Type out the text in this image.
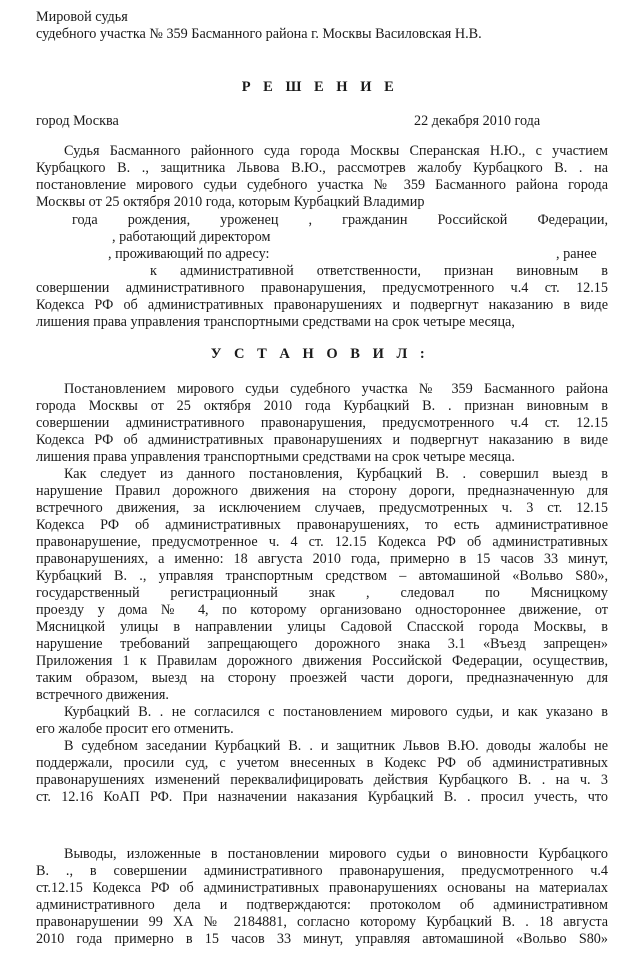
Мировой судья

судебного участка № 359 Басманного района г. Москвы Василовская Н.В.

Р Е Ш Е Н И Е

город Москва	22 декабря 2010 года

Судья Басманного районного суда города Москвы Сперанская Н.Ю., с участием

Курбацкого В. ., защитника Львова В.Ю., рассмотрев жалобу Курбацкого В. . на

постановление мирового судьи судебного участка № 359 Басманного района города

Москвы от 25 октября 2010 года, которым Курбацкий Владимир

года рождения, уроженец , гражданин Российской Федерации,

, работающий директором

, проживающий по адресу:	, ранее

к административной ответственности, признан виновным в

совершении административного правонарушения, предусмотренного ч.4 ст. 12.15

Кодекса РФ об административных правонарушениях и подвергнут наказанию в виде

лишения права управления транспортными средствами на срок четыре месяца,

У С Т А Н О В И Л :

Постановлением мирового судьи судебного участка № 359 Басманного района

города Москвы от 25 октября 2010 года Курбацкий В. . признан виновным в

совершении административного правонарушения, предусмотренного ч.4 ст. 12.15

Кодекса РФ об административных правонарушениях и подвергнут наказанию в виде

лишения права управления транспортными средствами на срок четыре месяца.

Как следует из данного постановления, Курбацкий В. . совершил выезд в

нарушение Правил дорожного движения на сторону дороги, предназначенную для

встречного движения, за исключением случаев, предусмотренных ч. 3 ст. 12.15

Кодекса РФ об административных правонарушениях, то есть административное

правонарушение, предусмотренное ч. 4 ст. 12.15 Кодекса РФ об административных

правонарушениях, а именно: 18 августа 2010 года, примерно в 15 часов 33 минут,

Курбацкий В. ., управляя транспортным средством – автомашиной «Вольво S80»,

государственный регистрационный знак , следовал по Мясницкому

проезду у дома № 4, по которому организовано одностороннее движение, от

Мясницкой улицы в направлении улицы Садовой Спасской города Москвы, в

нарушение требований запрещающего дорожного знака 3.1 «Въезд запрещен»

Приложения 1 к Правилам дорожного движения Российской Федерации, осуществив,

таким образом, выезд на сторону проезжей части дороги, предназначенную для

встречного движения.

Курбацкий В. . не согласился с постановлением мирового судьи, и как указано в

его жалобе просит его отменить.

В судебном заседании Курбацкий В. . и защитник Львов В.Ю. доводы жалобы не

поддержали, просили суд, с учетом внесенных в Кодекс РФ об административных

правонарушениях изменений переквалифицировать действия Курбацкого В. . на ч. 3

ст. 12.16 КоАП РФ. При назначении наказания Курбацкий В. . просил учесть, что

Выводы, изложенные в постановлении мирового судьи о виновности Курбацкого

В. ., в совершении административного правонарушения, предусмотренного ч.4

ст.12.15 Кодекса РФ об административных правонарушениях основаны на материалах

административного дела и подтверждаются: протоколом об административном

правонарушении 99 ХА № 2184881, согласно которому Курбацкий В. . 18 августа

2010 года примерно в 15 часов 33 минут, управляя автомашиной «Вольво S80»
